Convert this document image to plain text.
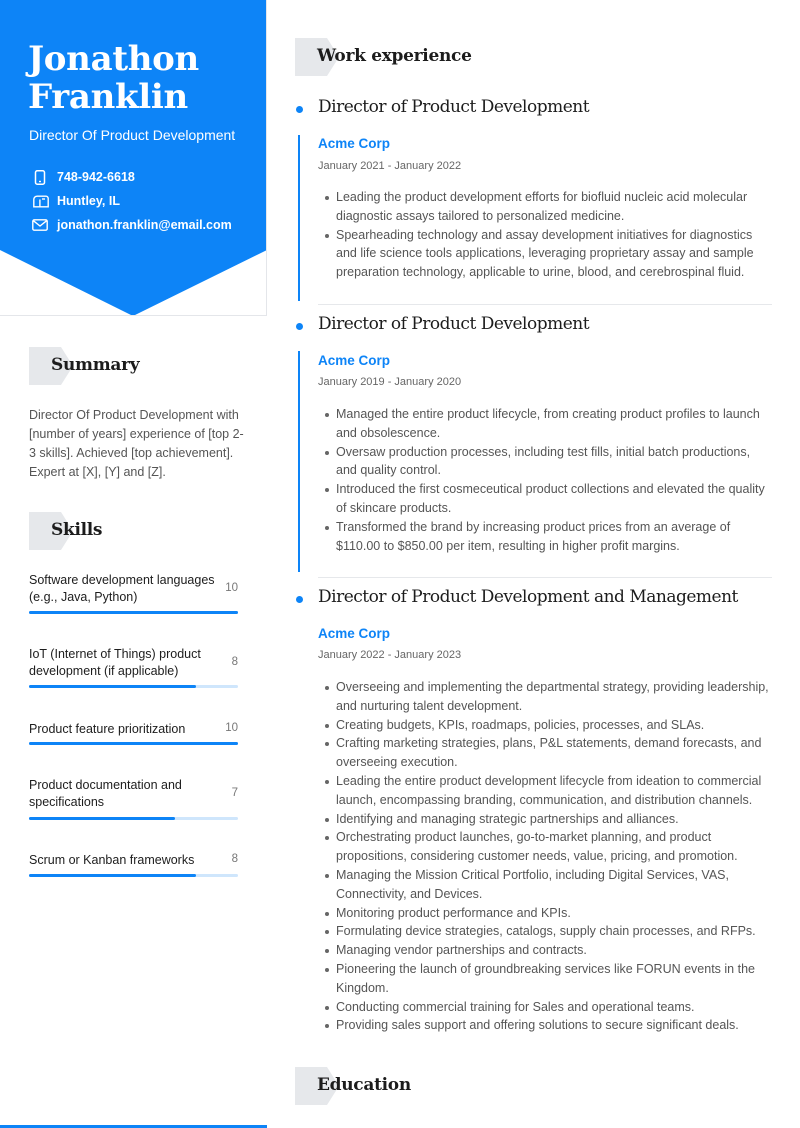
Jonathon
Franklin
Director Of Product Development
748-942-6618
Huntley, IL
jonathon.franklin@email.com
Summary
Director Of Product Development with [number of years] experience of [top 2-3 skills]. Achieved [top achievement]. Expert at [X], [Y] and [Z].
Skills
Software development languages (e.g., Java, Python)
10
IoT (Internet of Things) product development (if applicable)
8
Product feature prioritization	10
Product documentation and specifications
7
Scrum or Kanban frameworks	8
Work experience
Director of Product Development
Acme Corp
January 2021 - January 2022
Leading the product development efforts for biofluid nucleic acid molecular diagnostic assays tailored to personalized medicine.
Spearheading technology and assay development initiatives for diagnostics and life science tools applications, leveraging proprietary assay and sample preparation technology, applicable to urine, blood, and cerebrospinal fluid.
Director of Product Development
Acme Corp
January 2019 - January 2020
Managed the entire product lifecycle, from creating product profiles to launch and obsolescence.
Oversaw production processes, including test fills, initial batch productions, and quality control.
Introduced the first cosmeceutical product collections and elevated the quality of skincare products.
Transformed the brand by increasing product prices from an average of $110.00 to $850.00 per item, resulting in higher profit margins.
Director of Product Development and Management
Acme Corp
January 2022 - January 2023
Overseeing and implementing the departmental strategy, providing leadership, and nurturing talent development.
Creating budgets, KPIs, roadmaps, policies, processes, and SLAs.
Crafting marketing strategies, plans, P&L statements, demand forecasts, and overseeing execution.
Leading the entire product development lifecycle from ideation to commercial launch, encompassing branding, communication, and distribution channels.
Identifying and managing strategic partnerships and alliances.
Orchestrating product launches, go-to-market planning, and product propositions, considering customer needs, value, pricing, and promotion.
Managing the Mission Critical Portfolio, including Digital Services, VAS, Connectivity, and Devices.
Monitoring product performance and KPIs.
Formulating device strategies, catalogs, supply chain processes, and RFPs.
Managing vendor partnerships and contracts.
Pioneering the launch of groundbreaking services like FORUN events in the Kingdom.
Conducting commercial training for Sales and operational teams.
Providing sales support and offering solutions to secure significant deals.
Education
